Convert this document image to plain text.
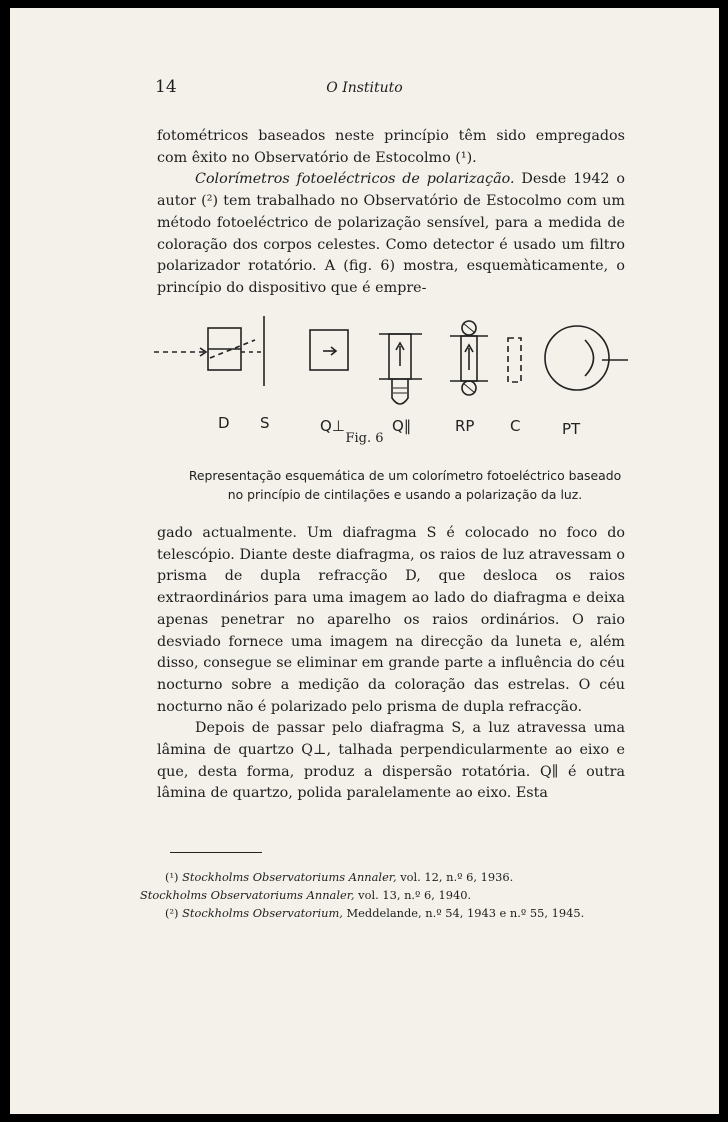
14	O Instituto

fotométricos baseados neste princípio têm sido empregados com êxito no Observatório de Estocolmo (¹).

Colorímetros fotoeléctricos de polarização. Desde 1942 o autor (²) tem trabalhado no Observatório de Estocolmo com um método fotoeléctrico de polarização sensível, para a medida de coloração dos corpos celestes. Como detector é usado um filtro polarizador rotatório. A (fig. 6) mostra, esquemàticamente, o princípio do dispositivo que é empre-

D S	Q⊥	Q∥	RP C	PT
Fig. 6

Representação esquemática de um colorímetro fotoeléctrico baseado

no princípio de cintilações e usando a polarização da luz.

gado actualmente. Um diafragma S é colocado no foco do telescópio. Diante deste diafragma, os raios de luz atravessam o prisma de dupla refracção D, que desloca os raios extraordinários para uma imagem ao lado do diafragma e deixa apenas penetrar no aparelho os raios ordinários. O raio desviado fornece uma imagem na direcção da luneta e, além disso, consegue se eliminar em grande parte a influência do céu nocturno sobre a medição da coloração das estrelas. O céu nocturno não é polarizado pelo prisma de dupla refracção.

Depois de passar pelo diafragma S, a luz atravessa uma lâmina de quartzo Q⊥, talhada perpendicularmente ao eixo e que, desta forma, produz a dispersão rotatória. Q∥ é outra lâmina de quartzo, polida paralelamente ao eixo. Esta

(¹) Stockholms Observatoriums Annaler, vol. 12, n.º 6, 1936.

Stockholms Observatoriums Annaler, vol. 13, n.º 6, 1940.

(²) Stockholms Observatorium, Meddelande, n.º 54, 1943 e n.º 55, 1945.
